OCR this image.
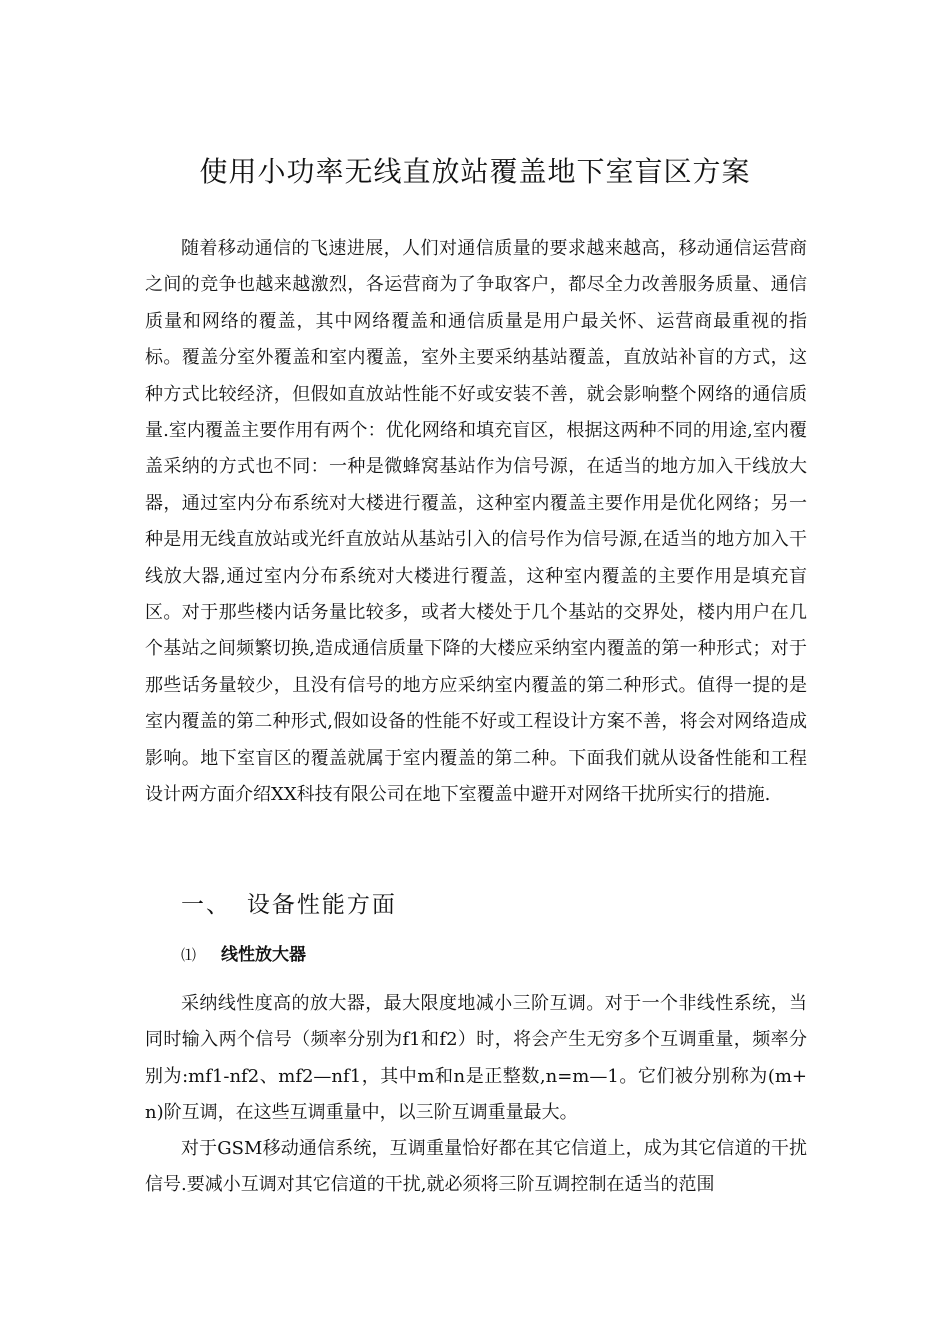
使用小功率无线直放站覆盖地下室盲区方案

随着移动通信的飞速进展，人们对通信质量的要求越来越高，移动通信运营商之间的竞争也越来越激烈，各运营商为了争取客户，都尽全力改善服务质量、通信质量和网络的覆盖，其中网络覆盖和通信质量是用户最关怀、运营商最重视的指标。覆盖分室外覆盖和室内覆盖，室外主要采纳基站覆盖，直放站补盲的方式，这种方式比较经济，但假如直放站性能不好或安装不善，就会影响整个网络的通信质量.室内覆盖主要作用有两个：优化网络和填充盲区，根据这两种不同的用途,室内覆盖采纳的方式也不同：一种是微蜂窝基站作为信号源，在适当的地方加入干线放大器，通过室内分布系统对大楼进行覆盖，这种室内覆盖主要作用是优化网络；另一种是用无线直放站或光纤直放站从基站引入的信号作为信号源,在适当的地方加入干线放大器,通过室内分布系统对大楼进行覆盖，这种室内覆盖的主要作用是填充盲区。对于那些楼内话务量比较多，或者大楼处于几个基站的交界处，楼内用户在几个基站之间频繁切换,造成通信质量下降的大楼应采纳室内覆盖的第一种形式；对于那些话务量较少，且没有信号的地方应采纳室内覆盖的第二种形式。值得一提的是室内覆盖的第二种形式,假如设备的性能不好或工程设计方案不善，将会对网络造成影响。地下室盲区的覆盖就属于室内覆盖的第二种。下面我们就从设备性能和工程设计两方面介绍XX科技有限公司在地下室覆盖中避开对网络干扰所实行的措施.

一、 设备性能方面
⑴ 线性放大器

采纳线性度高的放大器，最大限度地减小三阶互调。对于一个非线性系统，当同时输入两个信号（频率分别为f1和f2）时，将会产生无穷多个互调重量，频率分别为:mf1-nf2、mf2—nf1，其中m和n是正整数,n=m—1。它们被分别称为(m+n)阶互调，在这些互调重量中，以三阶互调重量最大。

对于GSM移动通信系统，互调重量恰好都在其它信道上，成为其它信道的干扰信号.要减小互调对其它信道的干扰,就必须将三阶互调控制在适当的范围
